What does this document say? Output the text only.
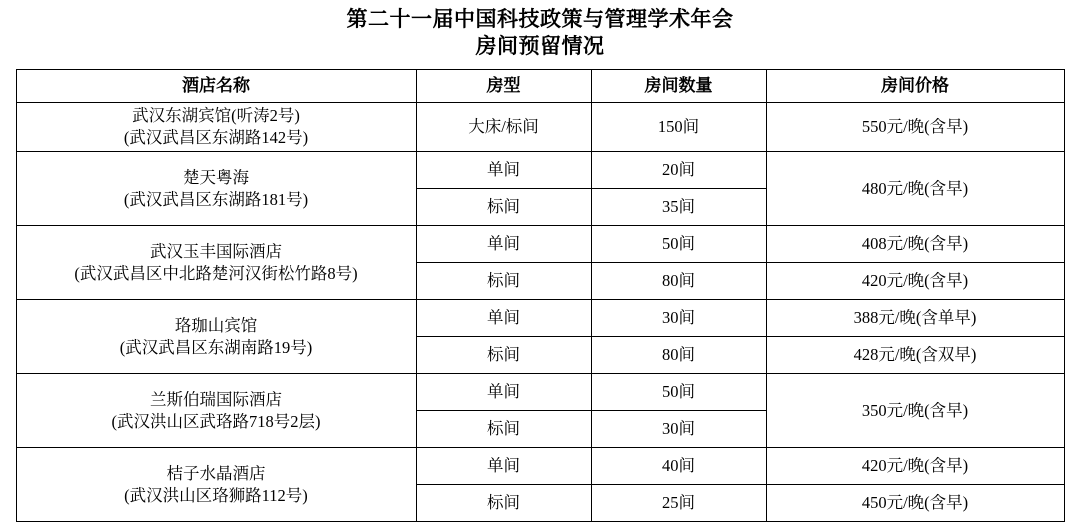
第二十一届中国科技政策与管理学术年会
房间预留情况
酒店名称	房型	房间数量	房间价格

武汉东湖宾馆(听涛2号)
(武汉武昌区东湖路142号)	大床/标间	150间	550元/晚(含早)

楚天粤海
(武汉武昌区东湖路181号)	单间	20间	480元/晚(含早)
	标间	35间	

武汉玉丰国际酒店
(武汉武昌区中北路楚河汉街松竹路8号)	单间	50间	408元/晚(含早)
	标间	80间	420元/晚(含早)

珞珈山宾馆
(武汉武昌区东湖南路19号)	单间	30间	388元/晚(含单早)
	标间	80间	428元/晚(含双早)

兰斯伯瑞国际酒店
(武汉洪山区武珞路718号2层)	单间	50间	350元/晚(含早)
	标间	30间	

桔子水晶酒店
(武汉洪山区珞狮路112号)	单间	40间	420元/晚(含早)
	标间	25间	450元/晚(含早)
